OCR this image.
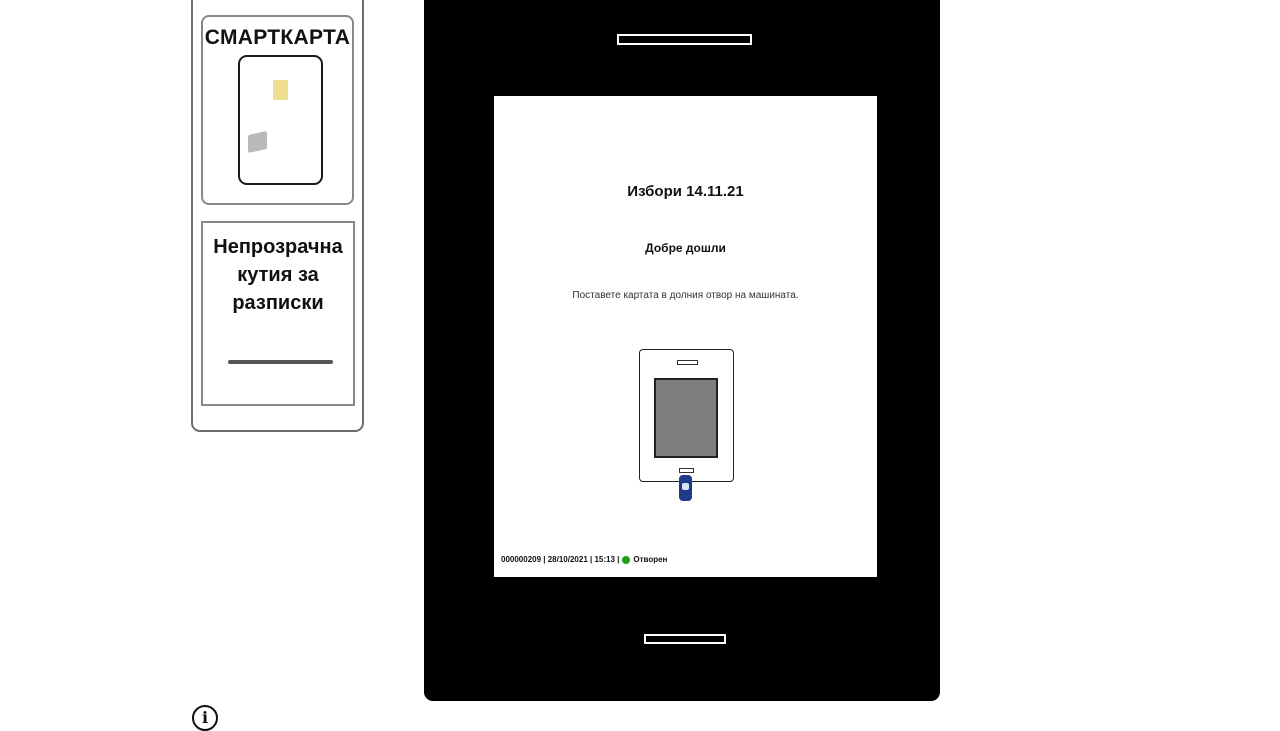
СМАРТКАРТА
Непрозрачна кутия за разписки
Избори 14.11.21
Добре дошли
Поставете картата в долния отвор на машината.
000000209 | 28/10/2021 | 15:13 | Отворен
i
